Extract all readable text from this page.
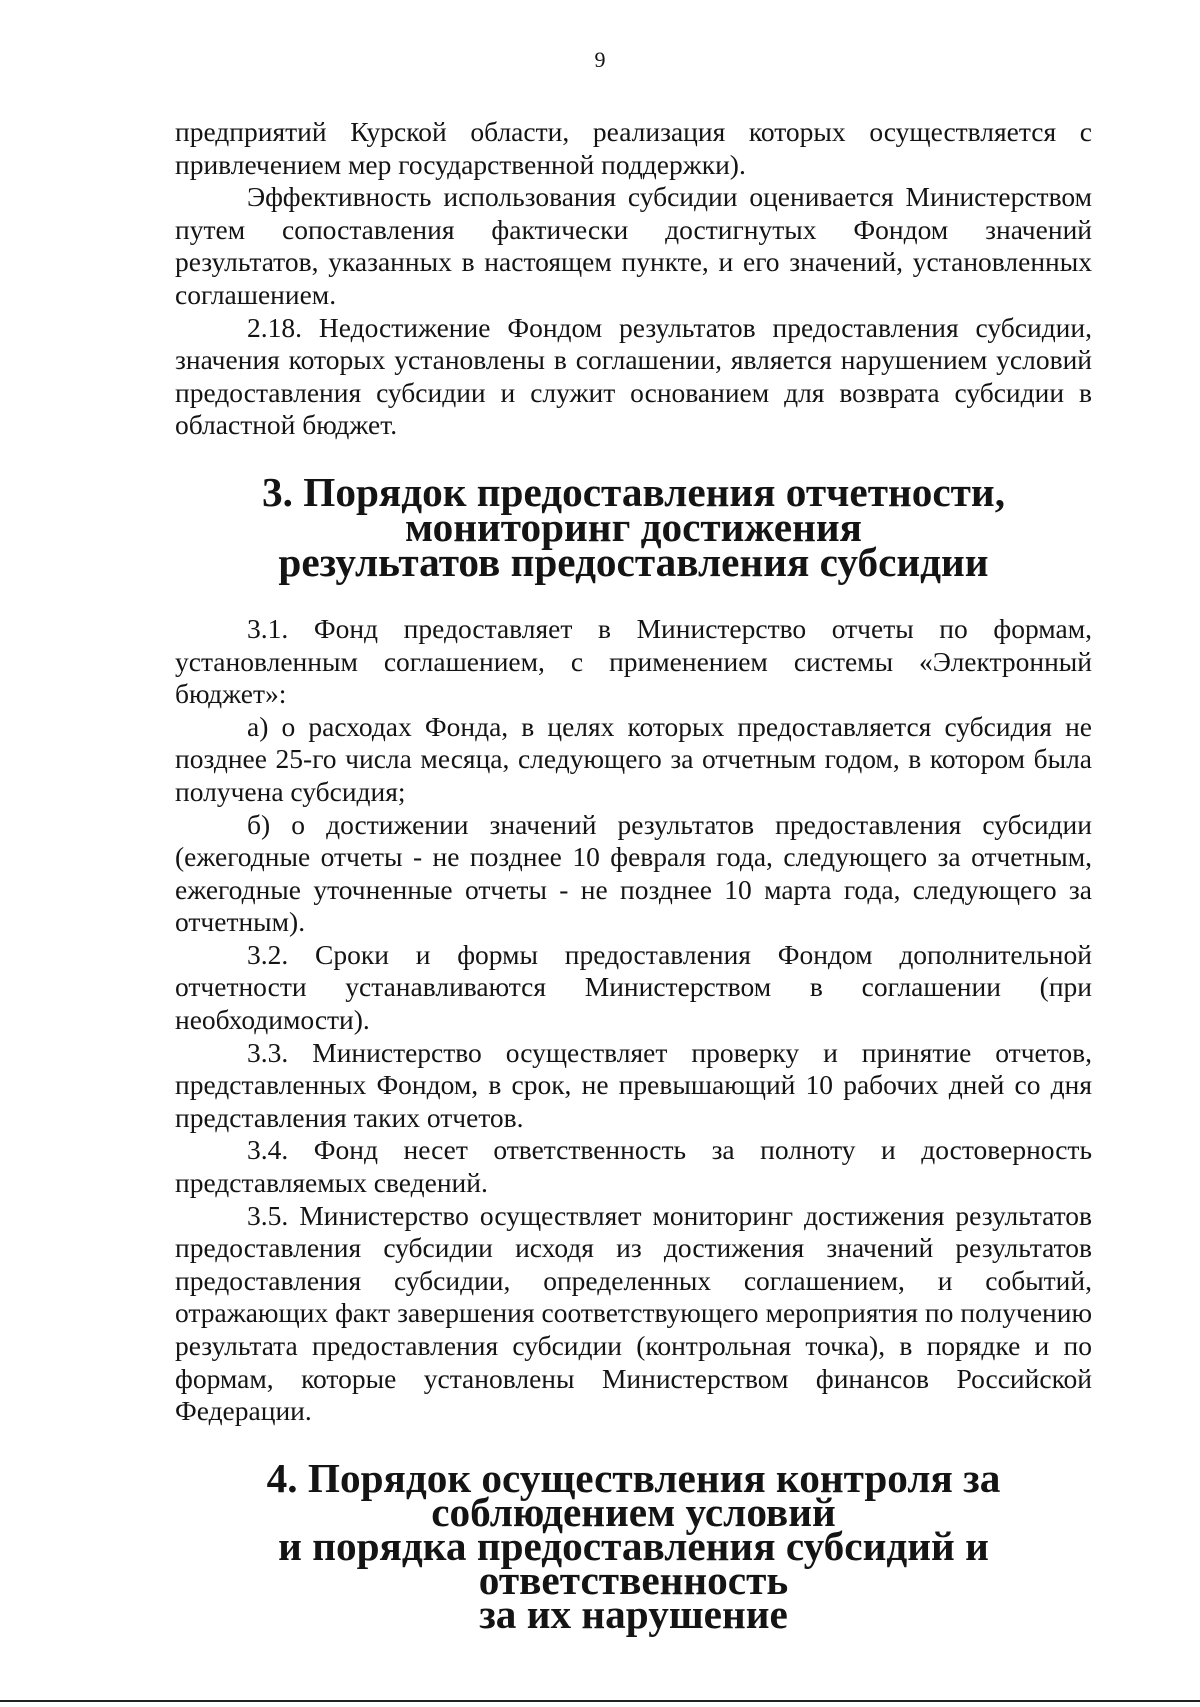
9

предприятий Курской области, реализация которых осуществляется с привлечением мер государственной поддержки).

Эффективность использования субсидии оценивается Министерством путем сопоставления фактически достигнутых Фондом значений результатов, указанных в настоящем пункте, и его значений, установленных соглашением.

2.18. Недостижение Фондом результатов предоставления субсидии, значения которых установлены в соглашении, является нарушением условий предоставления субсидии и служит основанием для возврата субсидии в областной бюджет.

3. Порядок предоставления отчетности, мониторинг достижения
результатов предоставления субсидии

3.1. Фонд предоставляет в Министерство отчеты по формам, установленным соглашением, с применением системы «Электронный бюджет»:

а) о расходах Фонда, в целях которых предоставляется субсидия не позднее 25-го числа месяца, следующего за отчетным годом, в котором была получена субсидия;

б) о достижении значений результатов предоставления субсидии (ежегодные отчеты - не позднее 10 февраля года, следующего за отчетным, ежегодные уточненные отчеты - не позднее 10 марта года, следующего за отчетным).

3.2. Сроки и формы предоставления Фондом дополнительной отчетности устанавливаются Министерством в соглашении (при необходимости).

3.3. Министерство осуществляет проверку и принятие отчетов, представленных Фондом, в срок, не превышающий 10 рабочих дней со дня представления таких отчетов.

3.4. Фонд несет ответственность за полноту и достоверность представляемых сведений.

3.5. Министерство осуществляет мониторинг достижения результатов предоставления субсидии исходя из достижения значений результатов предоставления субсидии, определенных соглашением, и событий, отражающих факт завершения соответствующего мероприятия по получению результата предоставления субсидии (контрольная точка), в порядке и по формам, которые установлены Министерством финансов Российской Федерации.

4. Порядок осуществления контроля за соблюдением условий
и порядка предоставления субсидий и ответственность
за их нарушение
